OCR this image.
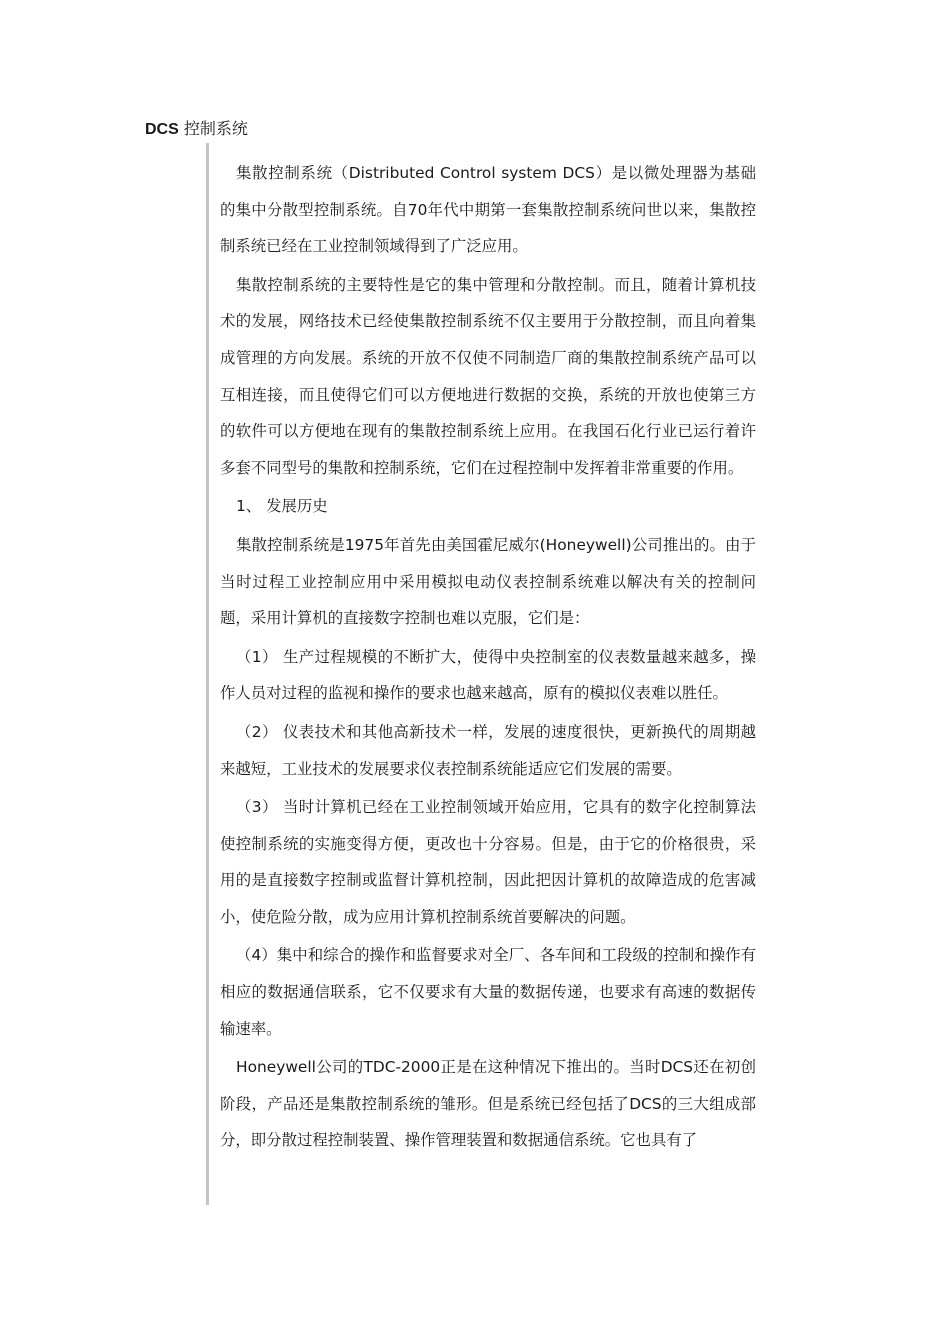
DCS 控制系统

集散控制系统（Distributed Control system DCS）是以微处理器为基础的集中分散型控制系统。自70年代中期第一套集散控制系统问世以来，集散控制系统已经在工业控制领域得到了广泛应用。

集散控制系统的主要特性是它的集中管理和分散控制。而且，随着计算机技术的发展，网络技术已经使集散控制系统不仅主要用于分散控制，而且向着集成管理的方向发展。系统的开放不仅使不同制造厂商的集散控制系统产品可以互相连接，而且使得它们可以方便地进行数据的交换，系统的开放也使第三方的软件可以方便地在现有的集散控制系统上应用。在我国石化行业已运行着许多套不同型号的集散和控制系统，它们在过程控制中发挥着非常重要的作用。

1、 发展历史

集散控制系统是1975年首先由美国霍尼威尔(Honeywell)公司推出的。由于当时过程工业控制应用中采用模拟电动仪表控制系统难以解决有关的控制问题，采用计算机的直接数字控制也难以克服，它们是：

（1） 生产过程规模的不断扩大，使得中央控制室的仪表数量越来越多，操作人员对过程的监视和操作的要求也越来越高，原有的模拟仪表难以胜任。

（2） 仪表技术和其他高新技术一样，发展的速度很快，更新换代的周期越来越短，工业技术的发展要求仪表控制系统能适应它们发展的需要。

（3） 当时计算机已经在工业控制领域开始应用，它具有的数字化控制算法使控制系统的实施变得方便，更改也十分容易。但是，由于它的价格很贵，采用的是直接数字控制或监督计算机控制，因此把因计算机的故障造成的危害减小，使危险分散，成为应用计算机控制系统首要解决的问题。

（4）集中和综合的操作和监督要求对全厂、各车间和工段级的控制和操作有相应的数据通信联系，它不仅要求有大量的数据传递，也要求有高速的数据传输速率。

Honeywell公司的TDC-2000正是在这种情况下推出的。当时DCS还在初创阶段，产品还是集散控制系统的雏形。但是系统已经包括了DCS的三大组成部分，即分散过程控制装置、操作管理装置和数据通信系统。它也具有了
